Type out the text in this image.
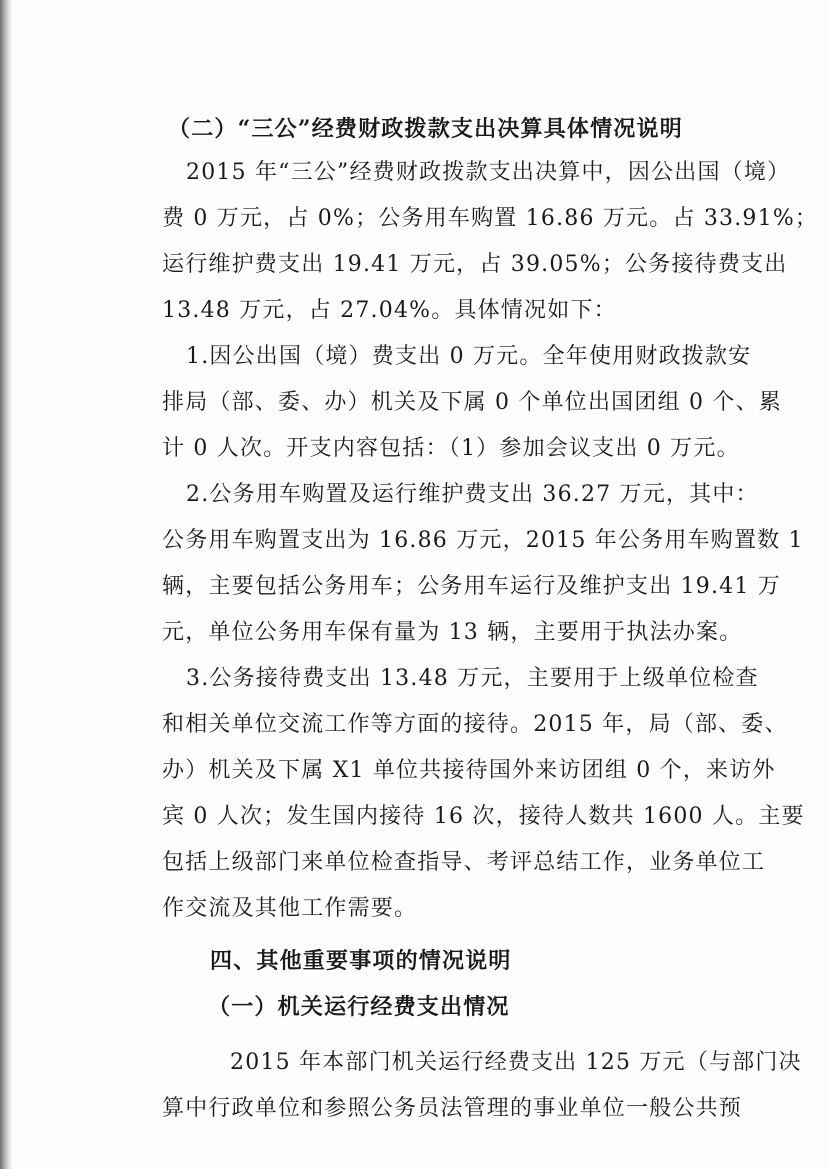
（二）“三公”经费财政拨款支出决算具体情况说明
2015 年“三公”经费财政拨款支出决算中，因公出国（境）
费 0 万元，占 0%；公务用车购置 16.86 万元。占 33.91%；
运行维护费支出 19.41 万元，占 39.05%；公务接待费支出
13.48 万元，占 27.04%。具体情况如下：
1.因公出国（境）费支出 0 万元。全年使用财政拨款安
排局（部、委、办）机关及下属 0 个单位出国团组 0 个、累
计 0 人次。开支内容包括：（1）参加会议支出 0 万元。
2.公务用车购置及运行维护费支出 36.27 万元，其中：
公务用车购置支出为 16.86 万元，2015 年公务用车购置数 1
辆，主要包括公务用车；公务用车运行及维护支出 19.41 万
元，单位公务用车保有量为 13 辆，主要用于执法办案。
3.公务接待费支出 13.48 万元，主要用于上级单位检查
和相关单位交流工作等方面的接待。2015 年，局（部、委、
办）机关及下属 X1 单位共接待国外来访团组 0 个，来访外
宾 0 人次；发生国内接待 16 次，接待人数共 1600 人。主要
包括上级部门来单位检查指导、考评总结工作，业务单位工
作交流及其他工作需要。
四、其他重要事项的情况说明
（一）机关运行经费支出情况
2015 年本部门机关运行经费支出 125 万元（与部门决
算中行政单位和参照公务员法管理的事业单位一般公共预
